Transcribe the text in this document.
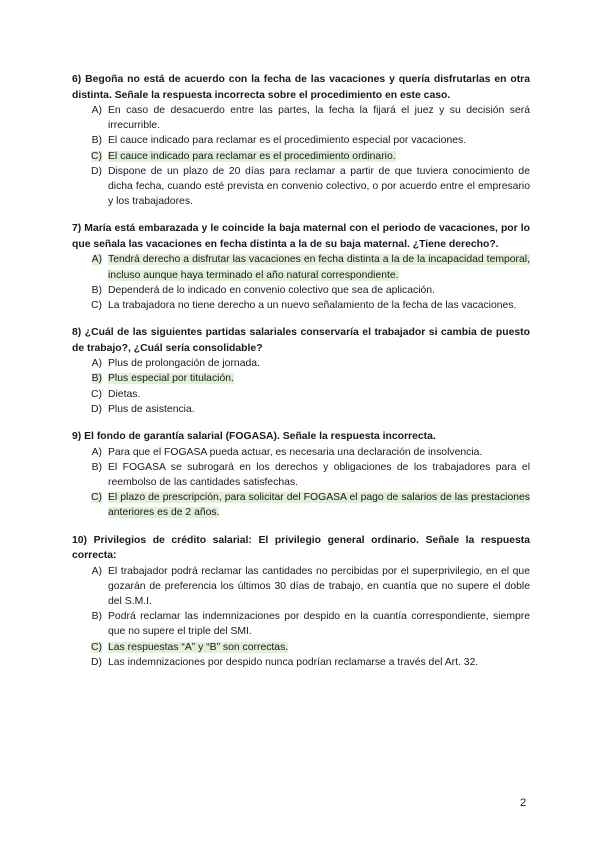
6) Begoña no está de acuerdo con la fecha de las vacaciones y quería disfrutarlas en otra distinta. Señale la respuesta incorrecta sobre el procedimiento en este caso.

A) En caso de desacuerdo entre las partes, la fecha la fijará el juez y su decisión será irrecurrible.
B) El cauce indicado para reclamar es el procedimiento especial por vacaciones.
C) El cauce indicado para reclamar es el procedimiento ordinario.
D) Dispone de un plazo de 20 días para reclamar a partir de que tuviera conocimiento de dicha fecha, cuando esté prevista en convenio colectivo, o por acuerdo entre el empresario y los trabajadores.

7) María está embarazada y le coincide la baja maternal con el periodo de vacaciones, por lo que señala las vacaciones en fecha distinta a la de su baja maternal. ¿Tiene derecho?.

A) Tendrá derecho a disfrutar las vacaciones en fecha distinta a la de la incapacidad temporal, incluso aunque haya terminado el año natural correspondiente.
B) Dependerá de lo indicado en convenio colectivo que sea de aplicación.
C) La trabajadora no tiene derecho a un nuevo señalamiento de la fecha de las vacaciones.

8) ¿Cuál de las siguientes partidas salariales conservaría el trabajador si cambia de puesto de trabajo?, ¿Cuál sería consolidable?

A) Plus de prolongación de jornada.
B) Plus especial por titulación.
C) Dietas.
D) Plus de asistencia.

9) El fondo de garantía salarial (FOGASA). Señale la respuesta incorrecta.

A) Para que el FOGASA pueda actuar, es necesaria una declaración de insolvencia.
B) El FOGASA se subrogará en los derechos y obligaciones de los trabajadores para el reembolso de las cantidades satisfechas.
C) El plazo de prescripción, para solicitar del FOGASA el pago de salarios de las prestaciones anteriores es de 2 años.

10) Privilegios de crédito salarial: El privilegio general ordinario. Señale la respuesta correcta:

A) El trabajador podrá reclamar las cantidades no percibidas por el superprivilegio, en el que gozarán de preferencia los últimos 30 días de trabajo, en cuantía que no supere el doble del S.M.I.
B) Podrá reclamar las indemnizaciones por despido en la cuantía correspondiente, siempre que no supere el triple del SMI.
C) Las respuestas “A” y “B” son correctas.
D) Las indemnizaciones por despido nunca podrían reclamarse a través del Art. 32.
2
